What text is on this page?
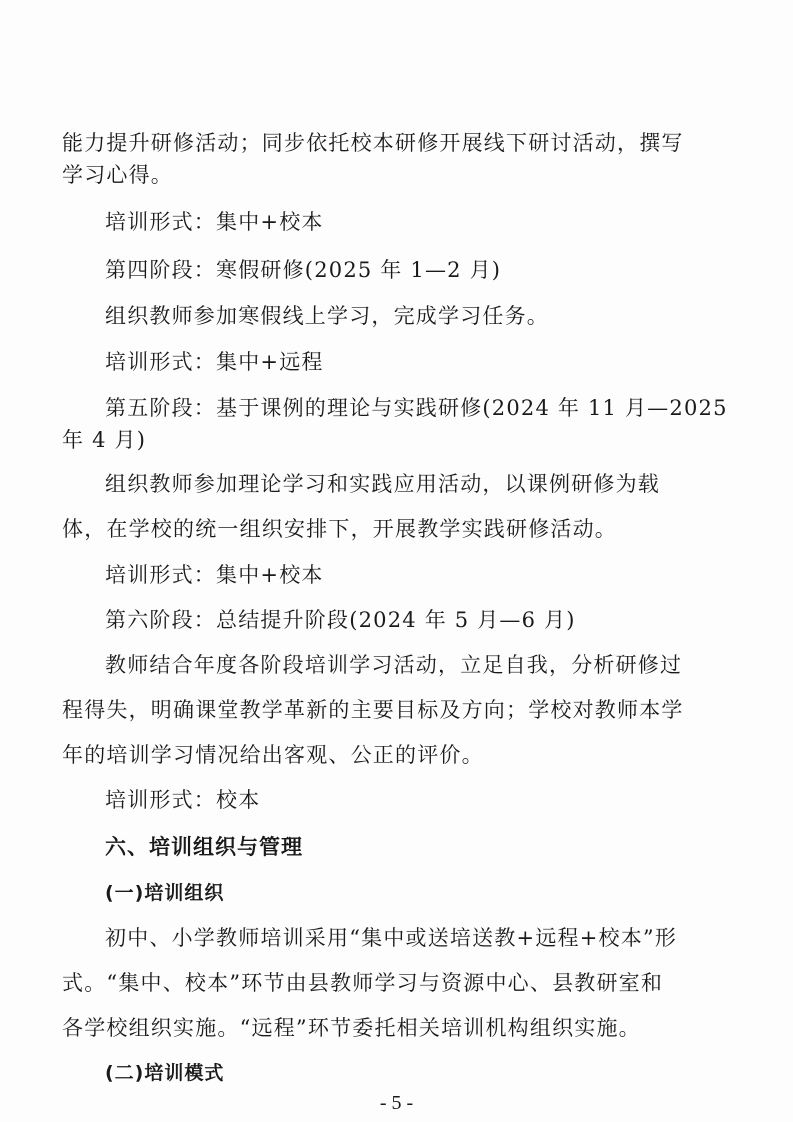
能力提升研修活动；同步依托校本研修开展线下研讨活动，撰写
学习心得。
培训形式：集中+校本
第四阶段：寒假研修(2025 年 1—2 月)
组织教师参加寒假线上学习，完成学习任务。
培训形式：集中+远程
第五阶段：基于课例的理论与实践研修(2024 年 11 月—2025
年 4 月)
组织教师参加理论学习和实践应用活动，以课例研修为载
体，在学校的统一组织安排下，开展教学实践研修活动。
培训形式：集中+校本
第六阶段：总结提升阶段(2024 年 5 月—6 月)
教师结合年度各阶段培训学习活动，立足自我，分析研修过
程得失，明确课堂教学革新的主要目标及方向；学校对教师本学
年的培训学习情况给出客观、公正的评价。
培训形式：校本
六、培训组织与管理
(一)培训组织
初中、小学教师培训采用“集中或送培送教+远程+校本”形
式。“集中、校本”环节由县教师学习与资源中心、县教研室和
各学校组织实施。“远程”环节委托相关培训机构组织实施。
(二)培训模式
- 5 -
